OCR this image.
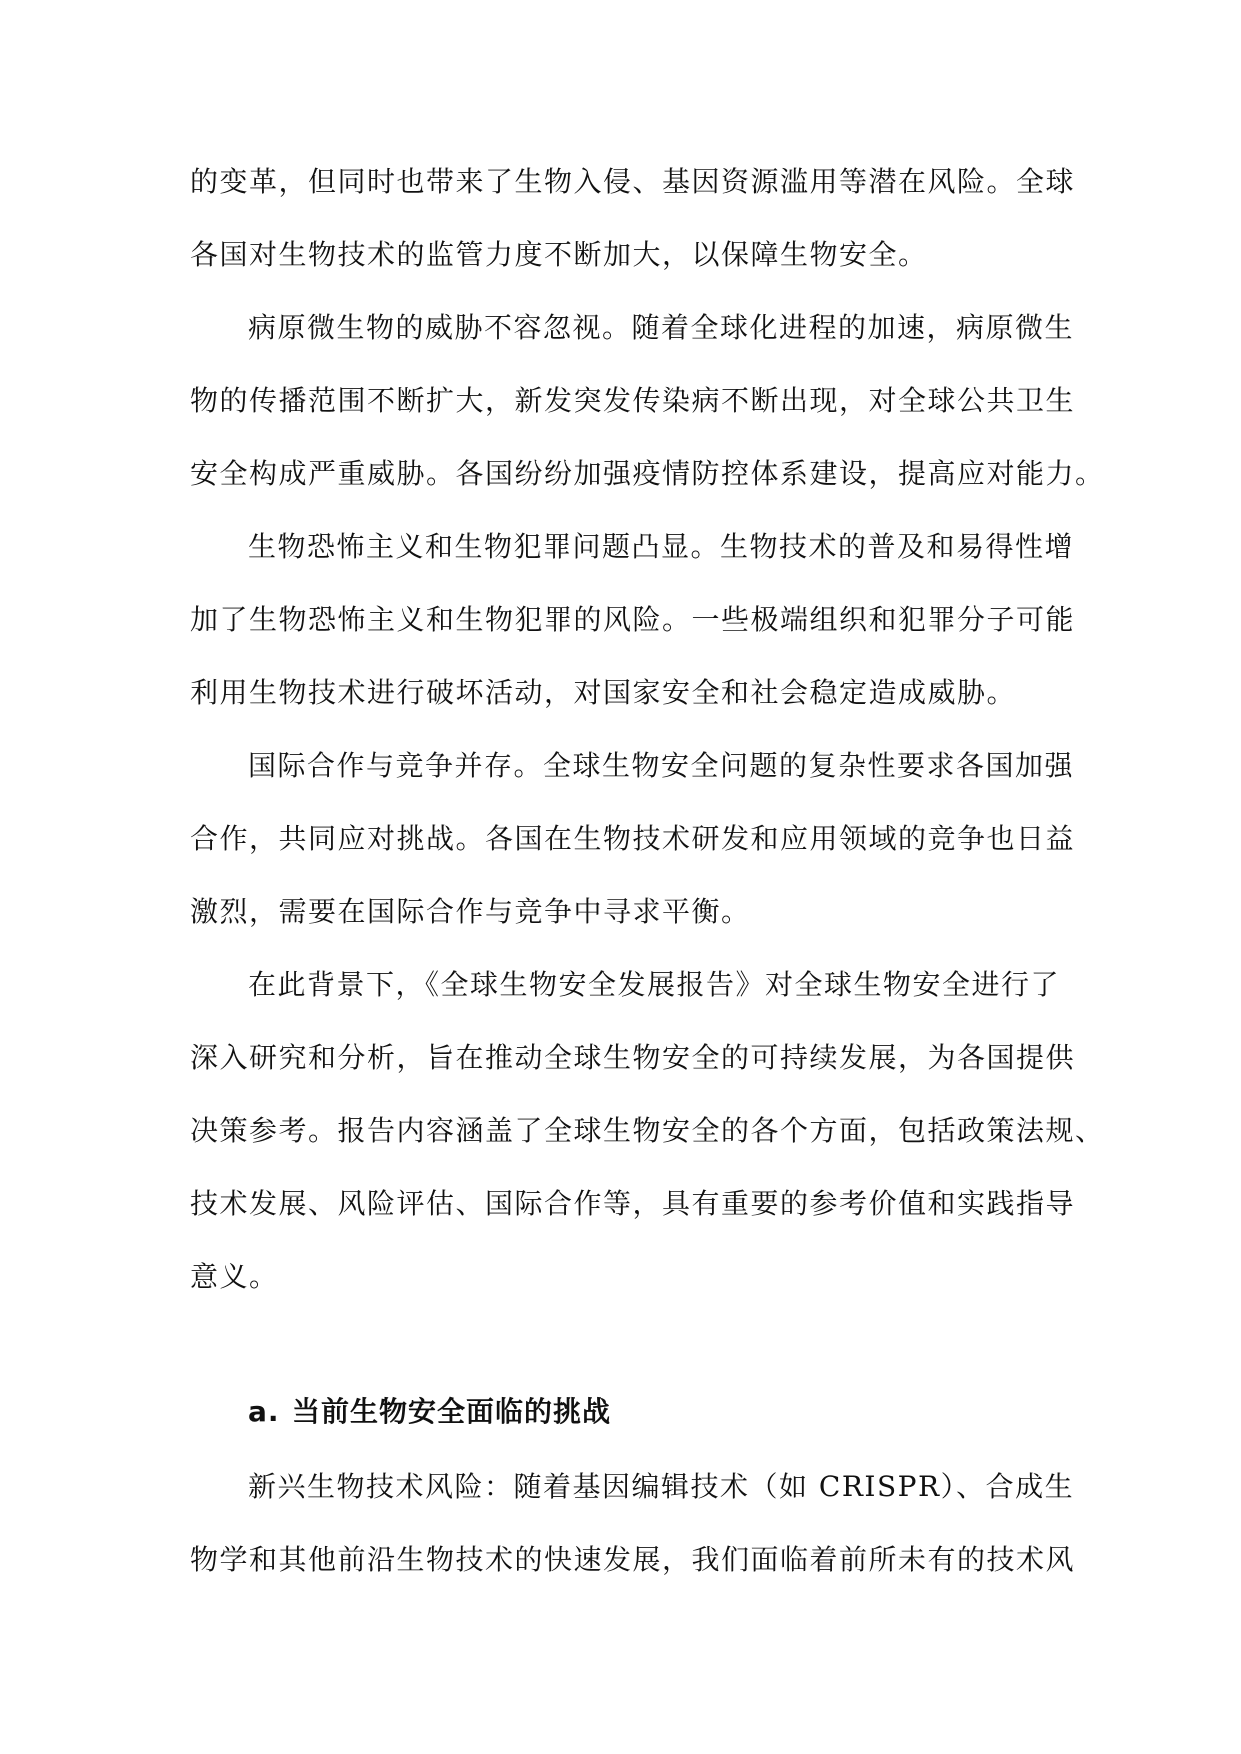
的变革，但同时也带来了生物入侵、基因资源滥用等潜在风险。全球
各国对生物技术的监管力度不断加大，以保障生物安全。
病原微生物的威胁不容忽视。随着全球化进程的加速，病原微生
物的传播范围不断扩大，新发突发传染病不断出现，对全球公共卫生
安全构成严重威胁。各国纷纷加强疫情防控体系建设，提高应对能力。
生物恐怖主义和生物犯罪问题凸显。生物技术的普及和易得性增
加了生物恐怖主义和生物犯罪的风险。一些极端组织和犯罪分子可能
利用生物技术进行破坏活动，对国家安全和社会稳定造成威胁。
国际合作与竞争并存。全球生物安全问题的复杂性要求各国加强
合作，共同应对挑战。各国在生物技术研发和应用领域的竞争也日益
激烈，需要在国际合作与竞争中寻求平衡。
在此背景下，《全球生物安全发展报告》对全球生物安全进行了
深入研究和分析，旨在推动全球生物安全的可持续发展，为各国提供
决策参考。报告内容涵盖了全球生物安全的各个方面，包括政策法规、
技术发展、风险评估、国际合作等，具有重要的参考价值和实践指导
意义。
a. 当前生物安全面临的挑战
新兴生物技术风险：随着基因编辑技术（如 CRISPR）、合成生
物学和其他前沿生物技术的快速发展，我们面临着前所未有的技术风
